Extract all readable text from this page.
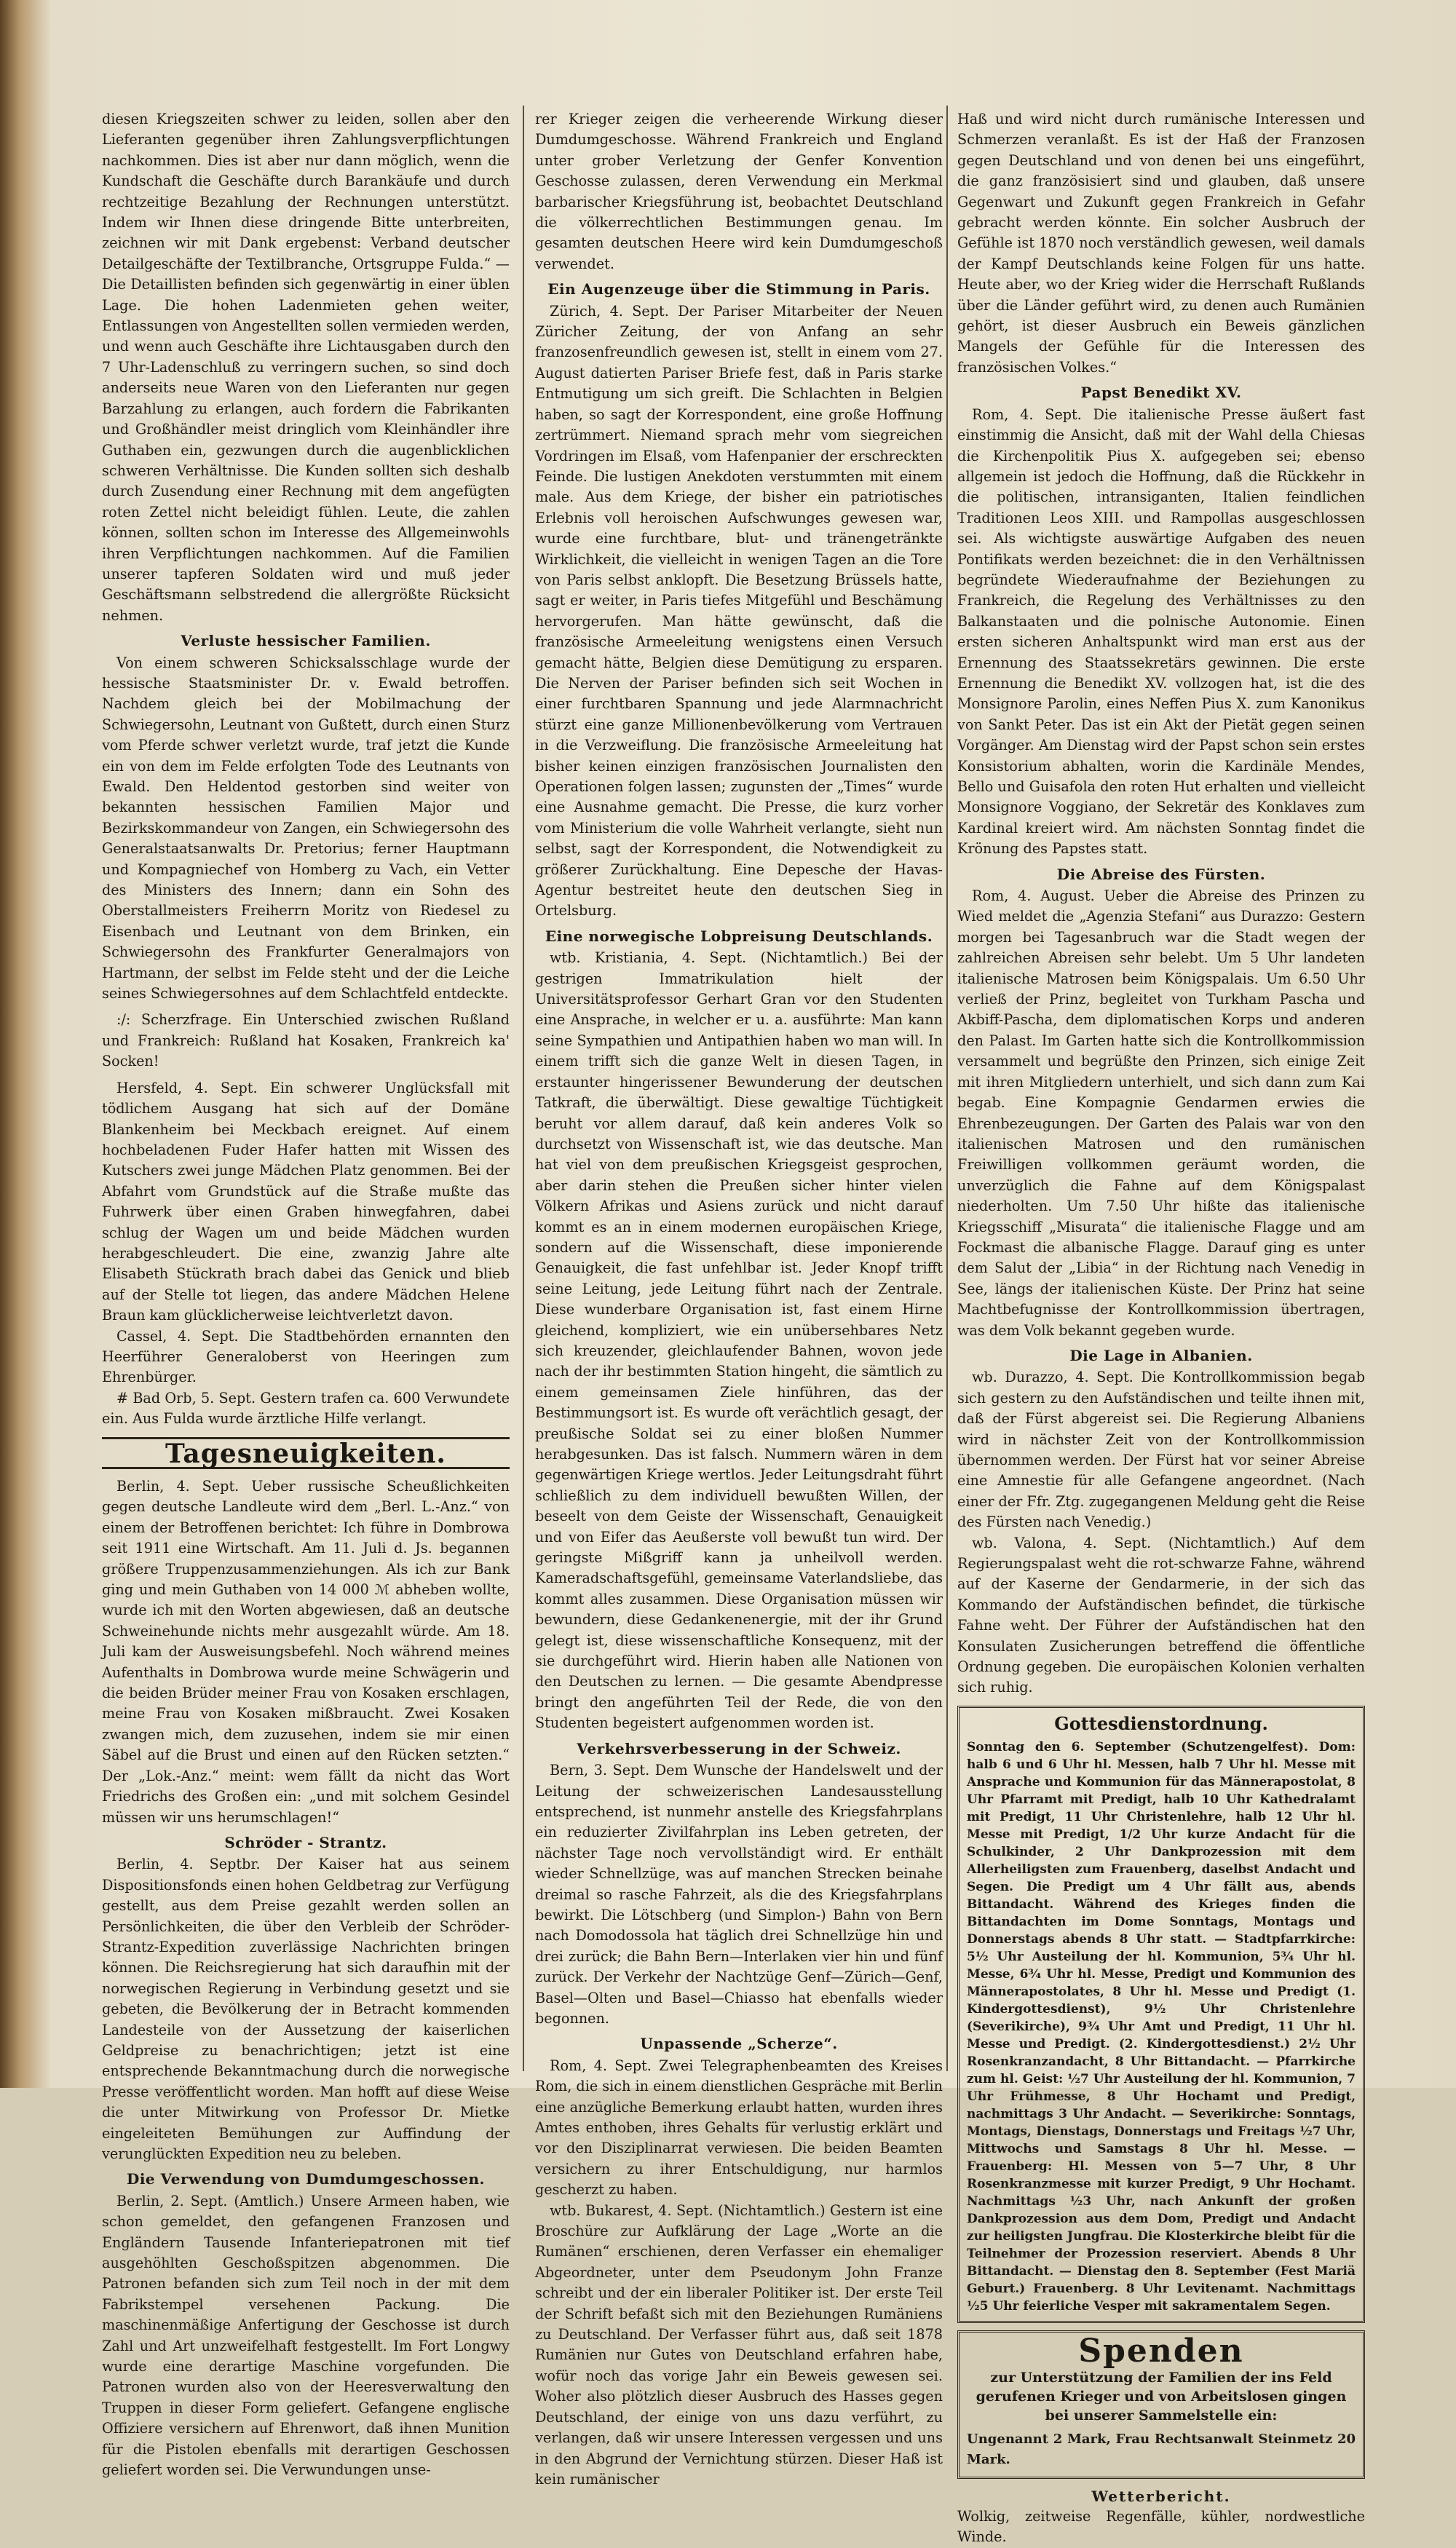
diesen Kriegszeiten schwer zu leiden, sollen aber den Lieferanten gegenüber ihren Zahlungsverpflichtungen nachkommen. Dies ist aber nur dann möglich, wenn die Kundschaft die Geschäfte durch Barankäufe und durch rechtzeitige Bezahlung der Rechnungen unterstützt. Indem wir Ihnen diese dringende Bitte unterbreiten, zeichnen wir mit Dank ergebenst: Verband deutscher Detailgeschäfte der Textilbranche, Ortsgruppe Fulda.“ — Die Detaillisten befinden sich gegenwärtig in einer üblen Lage. Die hohen Ladenmieten gehen weiter, Entlassungen von Angestellten sollen vermieden werden, und wenn auch Geschäfte ihre Lichtausgaben durch den 7 Uhr-Ladenschluß zu verringern suchen, so sind doch anderseits neue Waren von den Lieferanten nur gegen Barzahlung zu erlangen, auch fordern die Fabrikanten und Großhändler meist dringlich vom Kleinhändler ihre Guthaben ein, gezwungen durch die augenblicklichen schweren Verhältnisse. Die Kunden sollten sich deshalb durch Zusendung einer Rechnung mit dem angefügten roten Zettel nicht beleidigt fühlen. Leute, die zahlen können, sollten schon im Interesse des Allgemeinwohls ihren Verpflichtungen nachkommen. Auf die Familien unserer tapferen Soldaten wird und muß jeder Geschäftsmann selbstredend die allergrößte Rücksicht nehmen.

Verluste hessischer Familien.

Von einem schweren Schicksalsschlage wurde der hessische Staatsminister Dr. v. Ewald betroffen. Nachdem gleich bei der Mobilmachung der Schwiegersohn, Leutnant von Gußtett, durch einen Sturz vom Pferde schwer verletzt wurde, traf jetzt die Kunde ein von dem im Felde erfolgten Tode des Leutnants von Ewald. Den Heldentod gestorben sind weiter von bekannten hessischen Familien Major und Bezirkskommandeur von Zangen, ein Schwiegersohn des Generalstaatsanwalts Dr. Pretorius; ferner Hauptmann und Kompagniechef von Homberg zu Vach, ein Vetter des Ministers des Innern; dann ein Sohn des Oberstallmeisters Freiherrn Moritz von Riedesel zu Eisenbach und Leutnant von dem Brinken, ein Schwiegersohn des Frankfurter Generalmajors von Hartmann, der selbst im Felde steht und der die Leiche seines Schwiegersohnes auf dem Schlachtfeld entdeckte.

:/: Scherzfrage. Ein Unterschied zwischen Rußland und Frankreich: Rußland hat Kosaken, Frankreich ka' Socken!

Hersfeld, 4. Sept. Ein schwerer Unglücksfall mit tödlichem Ausgang hat sich auf der Domäne Blankenheim bei Meckbach ereignet. Auf einem hochbeladenen Fuder Hafer hatten mit Wissen des Kutschers zwei junge Mädchen Platz genommen. Bei der Abfahrt vom Grundstück auf die Straße mußte das Fuhrwerk über einen Graben hinwegfahren, dabei schlug der Wagen um und beide Mädchen wurden herabgeschleudert. Die eine, zwanzig Jahre alte Elisabeth Stückrath brach dabei das Genick und blieb auf der Stelle tot liegen, das andere Mädchen Helene Braun kam glücklicherweise leichtverletzt davon.

Cassel, 4. Sept. Die Stadtbehörden ernannten den Heerführer Generaloberst von Heeringen zum Ehrenbürger.

# Bad Orb, 5. Sept. Gestern trafen ca. 600 Verwundete ein. Aus Fulda wurde ärztliche Hilfe verlangt.

Tagesneuigkeiten.

Berlin, 4. Sept. Ueber russische Scheußlichkeiten gegen deutsche Landleute wird dem „Berl. L.-Anz.“ von einem der Betroffenen berichtet: Ich führe in Dombrowa seit 1911 eine Wirtschaft. Am 11. Juli d. Js. begannen größere Truppenzusammenziehungen. Als ich zur Bank ging und mein Guthaben von 14 000 ℳ abheben wollte, wurde ich mit den Worten abgewiesen, daß an deutsche Schweinehunde nichts mehr ausgezahlt würde. Am 18. Juli kam der Ausweisungsbefehl. Noch während meines Aufenthalts in Dombrowa wurde meine Schwägerin und die beiden Brüder meiner Frau von Kosaken erschlagen, meine Frau von Kosaken mißbraucht. Zwei Kosaken zwangen mich, dem zuzusehen, indem sie mir einen Säbel auf die Brust und einen auf den Rücken setzten.“ Der „Lok.-Anz.“ meint: wem fällt da nicht das Wort Friedrichs des Großen ein: „und mit solchem Gesindel müssen wir uns herumschlagen!“

Schröder - Strantz.

Berlin, 4. Septbr. Der Kaiser hat aus seinem Dispositionsfonds einen hohen Geldbetrag zur Verfügung gestellt, aus dem Preise gezahlt werden sollen an Persönlichkeiten, die über den Verbleib der Schröder-Strantz-Expedition zuverlässige Nachrichten bringen können. Die Reichsregierung hat sich daraufhin mit der norwegischen Regierung in Verbindung gesetzt und sie gebeten, die Bevölkerung der in Betracht kommenden Landesteile von der Aussetzung der kaiserlichen Geldpreise zu benachrichtigen; jetzt ist eine entsprechende Bekanntmachung durch die norwegische Presse veröffentlicht worden. Man hofft auf diese Weise die unter Mitwirkung von Professor Dr. Mietke eingeleiteten Bemühungen zur Auffindung der verunglückten Expedition neu zu beleben.

Die Verwendung von Dumdumgeschossen.

Berlin, 2. Sept. (Amtlich.) Unsere Armeen haben, wie schon gemeldet, den gefangenen Franzosen und Engländern Tausende Infanteriepatronen mit tief ausgehöhlten Geschoßspitzen abgenommen. Die Patronen befanden sich zum Teil noch in der mit dem Fabrikstempel versehenen Packung. Die maschinenmäßige Anfertigung der Geschosse ist durch Zahl und Art unzweifelhaft festgestellt. Im Fort Longwy wurde eine derartige Maschine vorgefunden. Die Patronen wurden also von der Heeresverwaltung den Truppen in dieser Form geliefert. Gefangene englische Offiziere versichern auf Ehrenwort, daß ihnen Munition für die Pistolen ebenfalls mit derartigen Geschossen geliefert worden sei. Die Verwundungen unse-

rer Krieger zeigen die verheerende Wirkung dieser Dumdumgeschosse. Während Frankreich und England unter grober Verletzung der Genfer Konvention Geschosse zulassen, deren Verwendung ein Merkmal barbarischer Kriegsführung ist, beobachtet Deutschland die völkerrechtlichen Bestimmungen genau. Im gesamten deutschen Heere wird kein Dumdumgeschoß verwendet.

Ein Augenzeuge über die Stimmung in Paris.

Zürich, 4. Sept. Der Pariser Mitarbeiter der Neuen Züricher Zeitung, der von Anfang an sehr franzosenfreundlich gewesen ist, stellt in einem vom 27. August datierten Pariser Briefe fest, daß in Paris starke Entmutigung um sich greift. Die Schlachten in Belgien haben, so sagt der Korrespondent, eine große Hoffnung zertrümmert. Niemand sprach mehr vom siegreichen Vordringen im Elsaß, vom Hafenpanier der erschreckten Feinde. Die lustigen Anekdoten verstummten mit einem male. Aus dem Kriege, der bisher ein patriotisches Erlebnis voll heroischen Aufschwunges gewesen war, wurde eine furchtbare, blut- und tränengetränkte Wirklichkeit, die vielleicht in wenigen Tagen an die Tore von Paris selbst anklopft. Die Besetzung Brüssels hatte, sagt er weiter, in Paris tiefes Mitgefühl und Beschämung hervorgerufen. Man hätte gewünscht, daß die französische Armeeleitung wenigstens einen Versuch gemacht hätte, Belgien diese Demütigung zu ersparen. Die Nerven der Pariser befinden sich seit Wochen in einer furchtbaren Spannung und jede Alarmnachricht stürzt eine ganze Millionenbevölkerung vom Vertrauen in die Verzweiflung. Die französische Armeeleitung hat bisher keinen einzigen französischen Journalisten den Operationen folgen lassen; zugunsten der „Times“ wurde eine Ausnahme gemacht. Die Presse, die kurz vorher vom Ministerium die volle Wahrheit verlangte, sieht nun selbst, sagt der Korrespondent, die Notwendigkeit zu größerer Zurückhaltung. Eine Depesche der Havas-Agentur bestreitet heute den deutschen Sieg in Ortelsburg.

Eine norwegische Lobpreisung Deutschlands.

wtb. Kristiania, 4. Sept. (Nichtamtlich.) Bei der gestrigen Immatrikulation hielt der Universitätsprofessor Gerhart Gran vor den Studenten eine Ansprache, in welcher er u. a. ausführte: Man kann seine Sympathien und Antipathien haben wo man will. In einem trifft sich die ganze Welt in diesen Tagen, in erstaunter hingerissener Bewunderung der deutschen Tatkraft, die überwältigt. Diese gewaltige Tüchtigkeit beruht vor allem darauf, daß kein anderes Volk so durchsetzt von Wissenschaft ist, wie das deutsche. Man hat viel von dem preußischen Kriegsgeist gesprochen, aber darin stehen die Preußen sicher hinter vielen Völkern Afrikas und Asiens zurück und nicht darauf kommt es an in einem modernen europäischen Kriege, sondern auf die Wissenschaft, diese imponierende Genauigkeit, die fast unfehlbar ist. Jeder Knopf trifft seine Leitung, jede Leitung führt nach der Zentrale. Diese wunderbare Organisation ist, fast einem Hirne gleichend, kompliziert, wie ein unübersehbares Netz sich kreuzender, gleichlaufender Bahnen, wovon jede nach der ihr bestimmten Station hingeht, die sämtlich zu einem gemeinsamen Ziele hinführen, das der Bestimmungsort ist. Es wurde oft verächtlich gesagt, der preußische Soldat sei zu einer bloßen Nummer herabgesunken. Das ist falsch. Nummern wären in dem gegenwärtigen Kriege wertlos. Jeder Leitungsdraht führt schließlich zu dem individuell bewußten Willen, der beseelt von dem Geiste der Wissenschaft, Genauigkeit und von Eifer das Aeußerste voll bewußt tun wird. Der geringste Mißgriff kann ja unheilvoll werden. Kameradschaftsgefühl, gemeinsame Vaterlandsliebe, das kommt alles zusammen. Diese Organisation müssen wir bewundern, diese Gedankenenergie, mit der ihr Grund gelegt ist, diese wissenschaftliche Konsequenz, mit der sie durchgeführt wird. Hierin haben alle Nationen von den Deutschen zu lernen. — Die gesamte Abendpresse bringt den angeführten Teil der Rede, die von den Studenten begeistert aufgenommen worden ist.

Verkehrsverbesserung in der Schweiz.

Bern, 3. Sept. Dem Wunsche der Handelswelt und der Leitung der schweizerischen Landesausstellung entsprechend, ist nunmehr anstelle des Kriegsfahrplans ein reduzierter Zivilfahrplan ins Leben getreten, der nächster Tage noch vervollständigt wird. Er enthält wieder Schnellzüge, was auf manchen Strecken beinahe dreimal so rasche Fahrzeit, als die des Kriegsfahrplans bewirkt. Die Lötschberg (und Simplon-) Bahn von Bern nach Domodossola hat täglich drei Schnellzüge hin und drei zurück; die Bahn Bern—Interlaken vier hin und fünf zurück. Der Verkehr der Nachtzüge Genf—Zürich—Genf, Basel—Olten und Basel—Chiasso hat ebenfalls wieder begonnen.

Unpassende „Scherze“.

Rom, 4. Sept. Zwei Telegraphenbeamten des Kreises Rom, die sich in einem dienstlichen Gespräche mit Berlin eine anzügliche Bemerkung erlaubt hatten, wurden ihres Amtes enthoben, ihres Gehalts für verlustig erklärt und vor den Disziplinarrat verwiesen. Die beiden Beamten versichern zu ihrer Entschuldigung, nur harmlos gescherzt zu haben.

wtb. Bukarest, 4. Sept. (Nichtamtlich.) Gestern ist eine Broschüre zur Aufklärung der Lage „Worte an die Rumänen“ erschienen, deren Verfasser ein ehemaliger Abgeordneter, unter dem Pseudonym John Franze schreibt und der ein liberaler Politiker ist. Der erste Teil der Schrift befaßt sich mit den Beziehungen Rumäniens zu Deutschland. Der Verfasser führt aus, daß seit 1878 Rumänien nur Gutes von Deutschland erfahren habe, wofür noch das vorige Jahr ein Beweis gewesen sei. Woher also plötzlich dieser Ausbruch des Hasses gegen Deutschland, der einige von uns dazu verführt, zu verlangen, daß wir unsere Interessen vergessen und uns in den Abgrund der Vernichtung stürzen. Dieser Haß ist kein rumänischer

Haß und wird nicht durch rumänische Interessen und Schmerzen veranlaßt. Es ist der Haß der Franzosen gegen Deutschland und von denen bei uns eingeführt, die ganz französisiert sind und glauben, daß unsere Gegenwart und Zukunft gegen Frankreich in Gefahr gebracht werden könnte. Ein solcher Ausbruch der Gefühle ist 1870 noch verständlich gewesen, weil damals der Kampf Deutschlands keine Folgen für uns hatte. Heute aber, wo der Krieg wider die Herrschaft Rußlands über die Länder geführt wird, zu denen auch Rumänien gehört, ist dieser Ausbruch ein Beweis gänzlichen Mangels der Gefühle für die Interessen des französischen Volkes.“

Papst Benedikt XV.

Rom, 4. Sept. Die italienische Presse äußert fast einstimmig die Ansicht, daß mit der Wahl della Chiesas die Kirchenpolitik Pius X. aufgegeben sei; ebenso allgemein ist jedoch die Hoffnung, daß die Rückkehr in die politischen, intransiganten, Italien feindlichen Traditionen Leos XIII. und Rampollas ausgeschlossen sei. Als wichtigste auswärtige Aufgaben des neuen Pontifikats werden bezeichnet: die in den Verhältnissen begründete Wiederaufnahme der Beziehungen zu Frankreich, die Regelung des Verhältnisses zu den Balkanstaaten und die polnische Autonomie. Einen ersten sicheren Anhaltspunkt wird man erst aus der Ernennung des Staatssekretärs gewinnen. Die erste Ernennung die Benedikt XV. vollzogen hat, ist die des Monsignore Parolin, eines Neffen Pius X. zum Kanonikus von Sankt Peter. Das ist ein Akt der Pietät gegen seinen Vorgänger. Am Dienstag wird der Papst schon sein erstes Konsistorium abhalten, worin die Kardinäle Mendes, Bello und Guisafola den roten Hut erhalten und vielleicht Monsignore Voggiano, der Sekretär des Konklaves zum Kardinal kreiert wird. Am nächsten Sonntag findet die Krönung des Papstes statt.

Die Abreise des Fürsten.

Rom, 4. August. Ueber die Abreise des Prinzen zu Wied meldet die „Agenzia Stefani“ aus Durazzo: Gestern morgen bei Tagesanbruch war die Stadt wegen der zahlreichen Abreisen sehr belebt. Um 5 Uhr landeten italienische Matrosen beim Königspalais. Um 6.50 Uhr verließ der Prinz, begleitet von Turkham Pascha und Akbiff-Pascha, dem diplomatischen Korps und anderen den Palast. Im Garten hatte sich die Kontrollkommission versammelt und begrüßte den Prinzen, sich einige Zeit mit ihren Mitgliedern unterhielt, und sich dann zum Kai begab. Eine Kompagnie Gendarmen erwies die Ehrenbezeugungen. Der Garten des Palais war von den italienischen Matrosen und den rumänischen Freiwilligen vollkommen geräumt worden, die unverzüglich die Fahne auf dem Königspalast niederholten. Um 7.50 Uhr hißte das italienische Kriegsschiff „Misurata“ die italienische Flagge und am Fockmast die albanische Flagge. Darauf ging es unter dem Salut der „Libia“ in der Richtung nach Venedig in See, längs der italienischen Küste. Der Prinz hat seine Machtbefugnisse der Kontrollkommission übertragen, was dem Volk bekannt gegeben wurde.

Die Lage in Albanien.

wb. Durazzo, 4. Sept. Die Kontrollkommission begab sich gestern zu den Aufständischen und teilte ihnen mit, daß der Fürst abgereist sei. Die Regierung Albaniens wird in nächster Zeit von der Kontrollkommission übernommen werden. Der Fürst hat vor seiner Abreise eine Amnestie für alle Gefangene angeordnet. (Nach einer der Ffr. Ztg. zugegangenen Meldung geht die Reise des Fürsten nach Venedig.)

wb. Valona, 4. Sept. (Nichtamtlich.) Auf dem Regierungspalast weht die rot-schwarze Fahne, während auf der Kaserne der Gendarmerie, in der sich das Kommando der Aufständischen befindet, die türkische Fahne weht. Der Führer der Aufständischen hat den Konsulaten Zusicherungen betreffend die öffentliche Ordnung gegeben. Die europäischen Kolonien verhalten sich ruhig.

Gottesdienstordnung.
Sonntag den 6. September (Schutzengelfest). Dom: halb 6 und 6 Uhr hl. Messen, halb 7 Uhr hl. Messe mit Ansprache und Kommunion für das Männerapostolat, 8 Uhr Pfarramt mit Predigt, halb 10 Uhr Kathedralamt mit Predigt, 11 Uhr Christenlehre, halb 12 Uhr hl. Messe mit Predigt, 1/2 Uhr kurze Andacht für die Schulkinder, 2 Uhr Dankprozession mit dem Allerheiligsten zum Frauenberg, daselbst Andacht und Segen. Die Predigt um 4 Uhr fällt aus, abends Bittandacht. Während des Krieges finden die Bittandachten im Dome Sonntags, Montags und Donnerstags abends 8 Uhr statt. — Stadtpfarrkirche: 5½ Uhr Austeilung der hl. Kommunion, 5¾ Uhr hl. Messe, 6¾ Uhr hl. Messe, Predigt und Kommunion des Männerapostolates, 8 Uhr hl. Messe und Predigt (1. Kindergottesdienst), 9½ Uhr Christenlehre (Severikirche), 9¾ Uhr Amt und Predigt, 11 Uhr hl. Messe und Predigt. (2. Kindergottesdienst.) 2½ Uhr Rosenkranzandacht, 8 Uhr Bittandacht. — Pfarrkirche zum hl. Geist: ½7 Uhr Austeilung der hl. Kommunion, 7 Uhr Frühmesse, 8 Uhr Hochamt und Predigt, nachmittags 3 Uhr Andacht. — Severikirche: Sonntags, Montags, Dienstags, Donnerstags und Freitags ½7 Uhr, Mittwochs und Samstags 8 Uhr hl. Messe. — Frauenberg: Hl. Messen von 5—7 Uhr, 8 Uhr Rosenkranzmesse mit kurzer Predigt, 9 Uhr Hochamt. Nachmittags ½3 Uhr, nach Ankunft der großen Dankprozession aus dem Dom, Predigt und Andacht zur heiligsten Jungfrau. Die Klosterkirche bleibt für die Teilnehmer der Prozession reserviert. Abends 8 Uhr Bittandacht. — Dienstag den 8. September (Fest Mariä Geburt.) Frauenberg. 8 Uhr Levitenamt. Nachmittags ½5 Uhr feierliche Vesper mit sakramentalem Segen.
Spenden
zur Unterstützung der Familien der ins Feld gerufenen Krieger und von Arbeitslosen gingen bei unserer Sammelstelle ein:
Ungenannt 2 Mark, Frau Rechtsanwalt Steinmetz 20 Mark.
Wetterbericht.

Wolkig, zeitweise Regenfälle, kühler, nordwestliche Winde.
